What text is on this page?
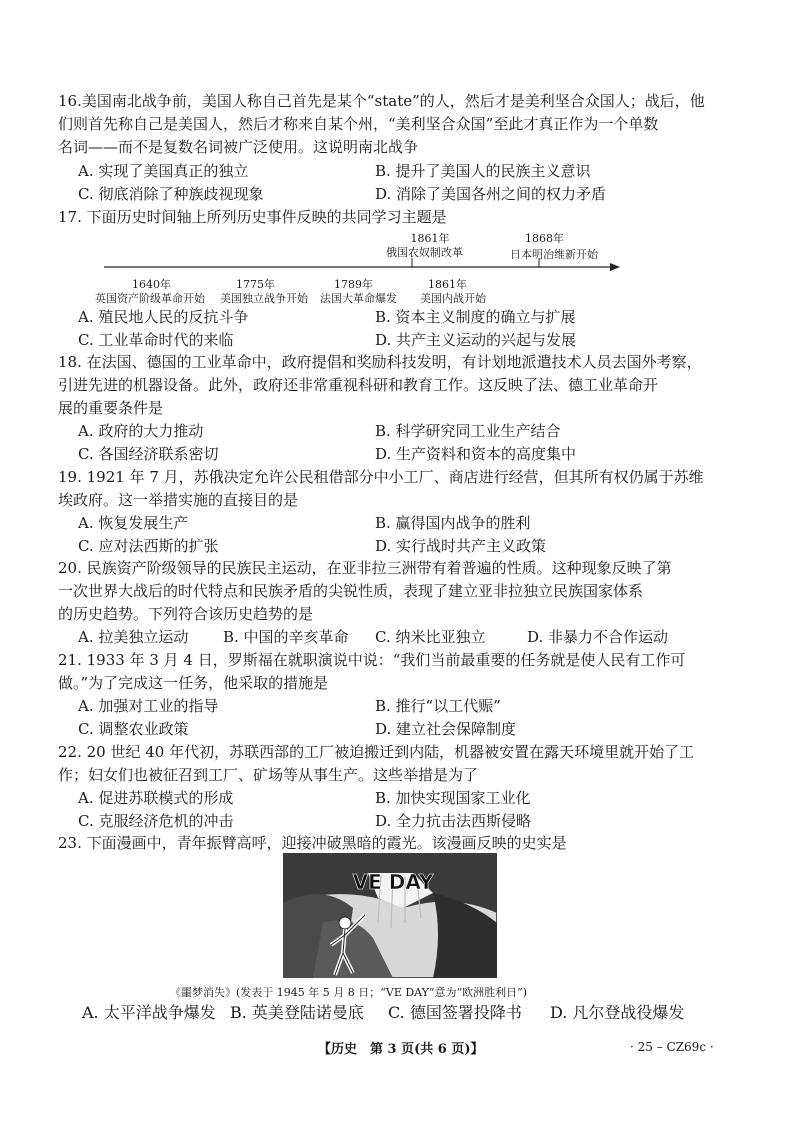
16.美国南北战争前，美国人称自己首先是某个“state”的人，然后才是美利坚合众国人；战后，他

们则首先称自己是美国人，然后才称来自某个州，“美利坚合众国”至此才真正作为一个单数

名词——而不是复数名词被广泛使用。这说明南北战争

A. 实现了美国真正的独立	B. 提升了美国人的民族主义意识
C. 彻底消除了种族歧视现象	D. 消除了美国各州之间的权力矛盾

17. 下面历史时间轴上所列历史事件反映的共同学习主题是

1861年
俄国农奴制改革
1868年
日本明治维新开始
1640年
英国资产阶级革命开始
1775年
美国独立战争开始
1789年
法国大革命爆发
1861年
美国内战开始
A. 殖民地人民的反抗斗争	B. 资本主义制度的确立与扩展
C. 工业革命时代的来临	D. 共产主义运动的兴起与发展

18. 在法国、德国的工业革命中，政府提倡和奖励科技发明，有计划地派遣技术人员去国外考察，

引进先进的机器设备。此外，政府还非常重视科研和教育工作。这反映了法、德工业革命开

展的重要条件是

A. 政府的大力推动	B. 科学研究同工业生产结合
C. 各国经济联系密切	D. 生产资料和资本的高度集中

19. 1921 年 7 月，苏俄决定允许公民租借部分中小工厂、商店进行经营，但其所有权仍属于苏维

埃政府。这一举措实施的直接目的是

A. 恢复发展生产	B. 赢得国内战争的胜利
C. 应对法西斯的扩张	D. 实行战时共产主义政策

20. 民族资产阶级领导的民族民主运动，在亚非拉三洲带有着普遍的性质。这种现象反映了第

一次世界大战后的时代特点和民族矛盾的尖锐性质，表现了建立亚非拉独立民族国家体系

的历史趋势。下列符合该历史趋势的是

A. 拉美独立运动 B. 中国的辛亥革命 C. 纳米比亚独立	D. 非暴力不合作运动

21. 1933 年 3 月 4 日，罗斯福在就职演说中说：“我们当前最重要的任务就是使人民有工作可

做。”为了完成这一任务，他采取的措施是

A. 加强对工业的指导	B. 推行“以工代赈”
C. 调整农业政策	D. 建立社会保障制度

22. 20 世纪 40 年代初，苏联西部的工厂被迫搬迁到内陆，机器被安置在露天环境里就开始了工

作；妇女们也被征召到工厂、矿场等从事生产。这些举措是为了

A. 促进苏联模式的形成	B. 加快实现国家工业化
C. 克服经济危机的冲击	D. 全力抗击法西斯侵略

23. 下面漫画中，青年振臂高呼，迎接冲破黑暗的霞光。该漫画反映的史实是

VE DAY
《噩梦消失》(发表于 1945 年 5 月 8 日；“VE DAY”意为“欧洲胜利日”)
A. 太平洋战争爆发 B. 英美登陆诺曼底 C. 德国签署投降书 D. 凡尔登战役爆发
【历史　第 3 页(共 6 页)】	· 25 – CZ69c ·
